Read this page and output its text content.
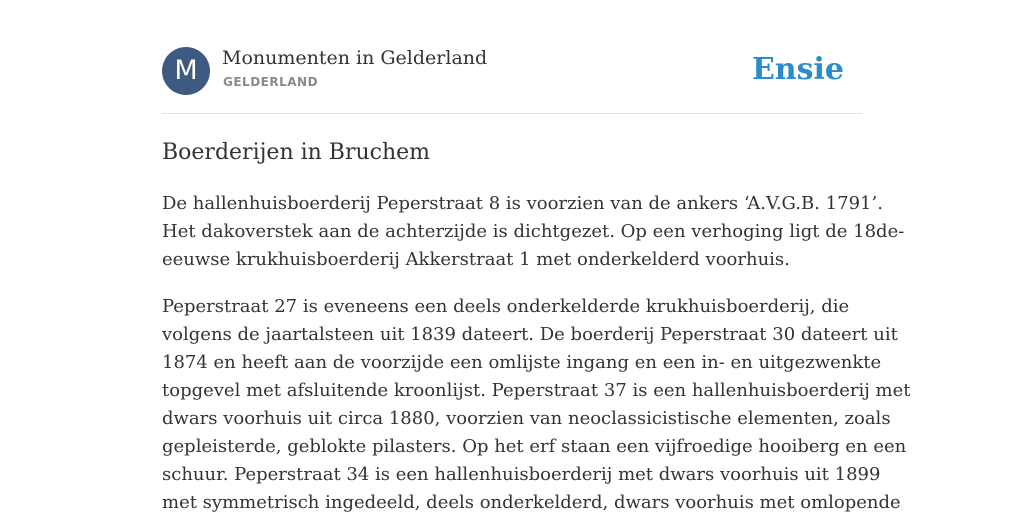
M	Monumenten in Gelderland
GELDERLAND	Ensie
Boerderijen in Bruchem

De hallenhuisboerderij Peperstraat 8 is voorzien van de ankers ‘A.V.G.B. 1791’.
Het dakoverstek aan de achterzijde is dichtgezet. Op een verhoging ligt de 18de-
eeuwse krukhuisboerderij Akkerstraat 1 met onderkelderd voorhuis.

Peperstraat 27 is eveneens een deels onderkelderde krukhuisboerderij, die
volgens de jaartalsteen uit 1839 dateert. De boerderij Peperstraat 30 dateert uit
1874 en heeft aan de voorzijde een omlijste ingang en een in- en uitgezwenkte
topgevel met afsluitende kroonlijst. Peperstraat 37 is een hallenhuisboerderij met
dwars voorhuis uit circa 1880, voorzien van neoclassicistische elementen, zoals
gepleisterde, geblokte pilasters. Op het erf staan een vijfroedige hooiberg en een
schuur. Peperstraat 34 is een hallenhuisboerderij met dwars voorhuis uit 1899
met symmetrisch ingedeeld, deels onderkelderd, dwars voorhuis met omlopende
